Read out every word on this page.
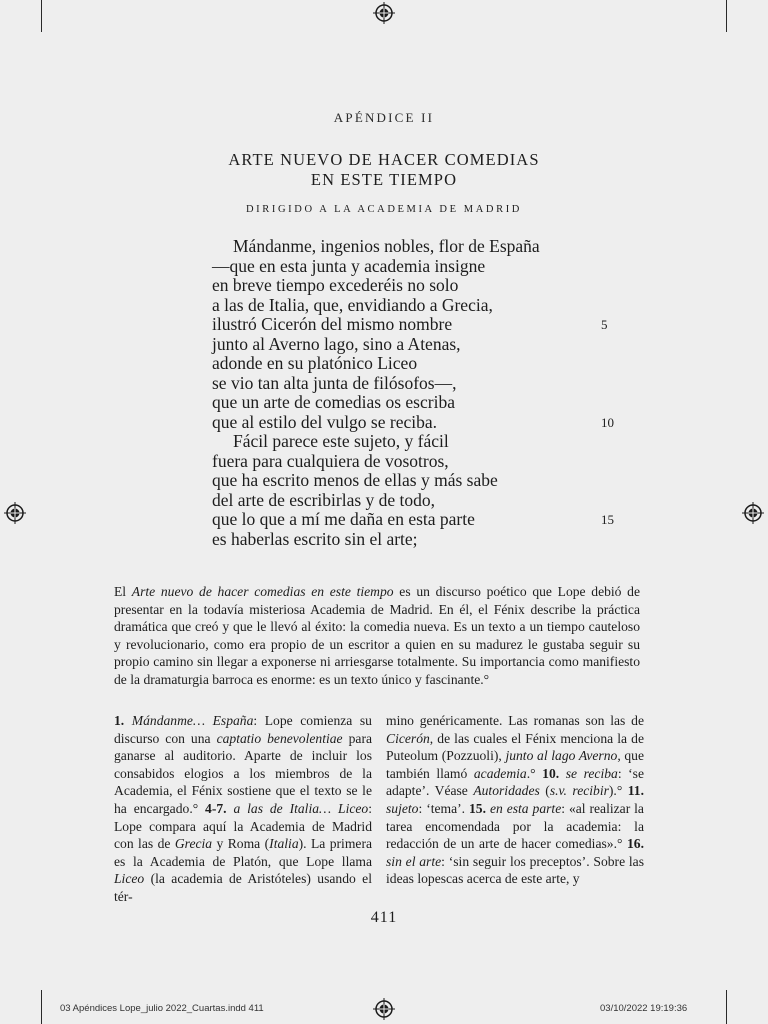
APÉNDICE II
ARTE NUEVO DE HACER COMEDIAS
EN ESTE TIEMPO
DIRIGIDO A LA ACADEMIA DE MADRID
Mándanme, ingenios nobles, flor de España
—que en esta junta y academia insigne
en breve tiempo excederéis no solo
a las de Italia, que, envidiando a Grecia,
ilustró Cicerón del mismo nombre	5
junto al Averno lago, sino a Atenas,
adonde en su platónico Liceo
se vio tan alta junta de filósofos—,
que un arte de comedias os escriba
que al estilo del vulgo se reciba.	10
Fácil parece este sujeto, y fácil
fuera para cualquiera de vosotros,
que ha escrito menos de ellas y más sabe
del arte de escribirlas y de todo,
que lo que a mí me daña en esta parte	15
es haberlas escrito sin el arte;

El Arte nuevo de hacer comedias en este tiempo es un discurso poético que Lope debió de presentar en la todavía misteriosa Academia de Madrid. En él, el Fénix describe la práctica dramática que creó y que le llevó al éxito: la comedia nueva. Es un texto a un tiempo cauteloso y revolucionario, como era propio de un escritor a quien en su madurez le gustaba seguir su propio camino sin llegar a exponerse ni arriesgarse totalmente. Su importancia como manifiesto de la dramaturgia barroca es enorme: es un texto único y fascinante.°

1. Mándanme… España: Lope comienza su discurso con una captatio benevolentiae para ganarse al auditorio. Aparte de incluir los consabidos elogios a los miembros de la Academia, el Fénix sostiene que el texto se le ha encargado.° 4-7. a las de Italia… Liceo: Lope compara aquí la Academia de Madrid con las de Grecia y Roma (Italia). La primera es la Academia de Platón, que Lope llama Liceo (la academia de Aristóteles) usando el tér-

mino genéricamente. Las romanas son las de Cicerón, de las cuales el Fénix menciona la de Puteolum (Pozzuoli), junto al lago Averno, que también llamó academia.° 10. se reciba: ‘se adapte’. Véase Autoridades (s.v. recibir).° 11. sujeto: ‘tema’. 15. en esta parte: «al realizar la tarea encomendada por la academia: la redacción de un arte de hacer comedias».° 16. sin el arte: ‘sin seguir los preceptos’. Sobre las ideas lopescas acerca de este arte, y

411
03 Apéndices Lope_julio 2022_Cuartas.indd 411	03/10/2022 19:19:36
